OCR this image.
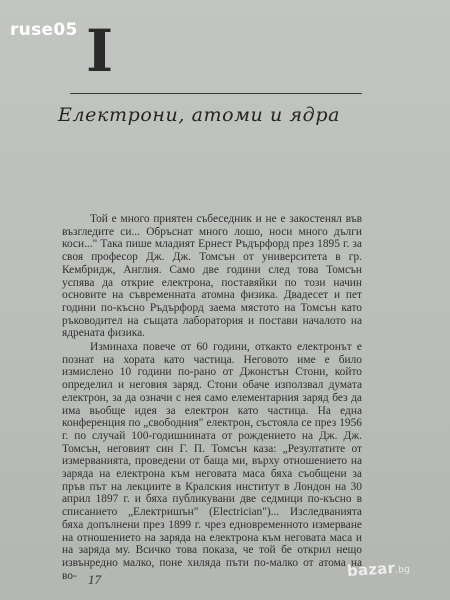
ruse05 I
Електрони, атоми и ядра

Той е много приятен събеседник и не е закостенял във възгледите си... Обръснат много лошо, носи много дълги коси..." Така пише младият Ернест Ръдърфорд през 1895 г. за своя професор Дж. Дж. Томсън от университета в гр. Кембридж, Англия. Само две години след това Томсън успява да открие електрона, поставяйки по този начин основите на съвременната атомна физика. Двадесет и пет години по-късно Ръдърфорд заема мястото на Томсън като ръководител на същата лаборатория и постави началото на ядрената физика.

Изминаха повече от 60 години, откакто електронът е познат на хората като частица. Неговото име е било измислено 10 години по-рано от Джонстън Стони, който определил и неговия заряд. Стони обаче използвал думата електрон, за да означи с нея само елементарния заряд без да има вьобще идея за електрон като частица. На една конференция по „свободния" електрон, състояла се през 1956 г. по случай 100-годишнината от рождението на Дж. Дж. Томсън, неговият син Г. П. Томсън каза: „Резултатите от измерванията, проведени от баща ми, върху отношението на заряда на електрона към неговата маса бяха съобщени за пръв път на лекциите в Кралския институт в Лондон на 30 април 1897 г. и бяха публикувани две седмици по-късно в списанието „Електришън" (Electrician")... Изследванията бяха допълнени през 1899 г. чрез едновременното измерване на отношението на заряда на електрона към неговата маса и на заряда му. Всичко това показа, че той бе открил нещо извънредно малко, поне хиляда пъти по-малко от атома на во- 17	bazar.bg
